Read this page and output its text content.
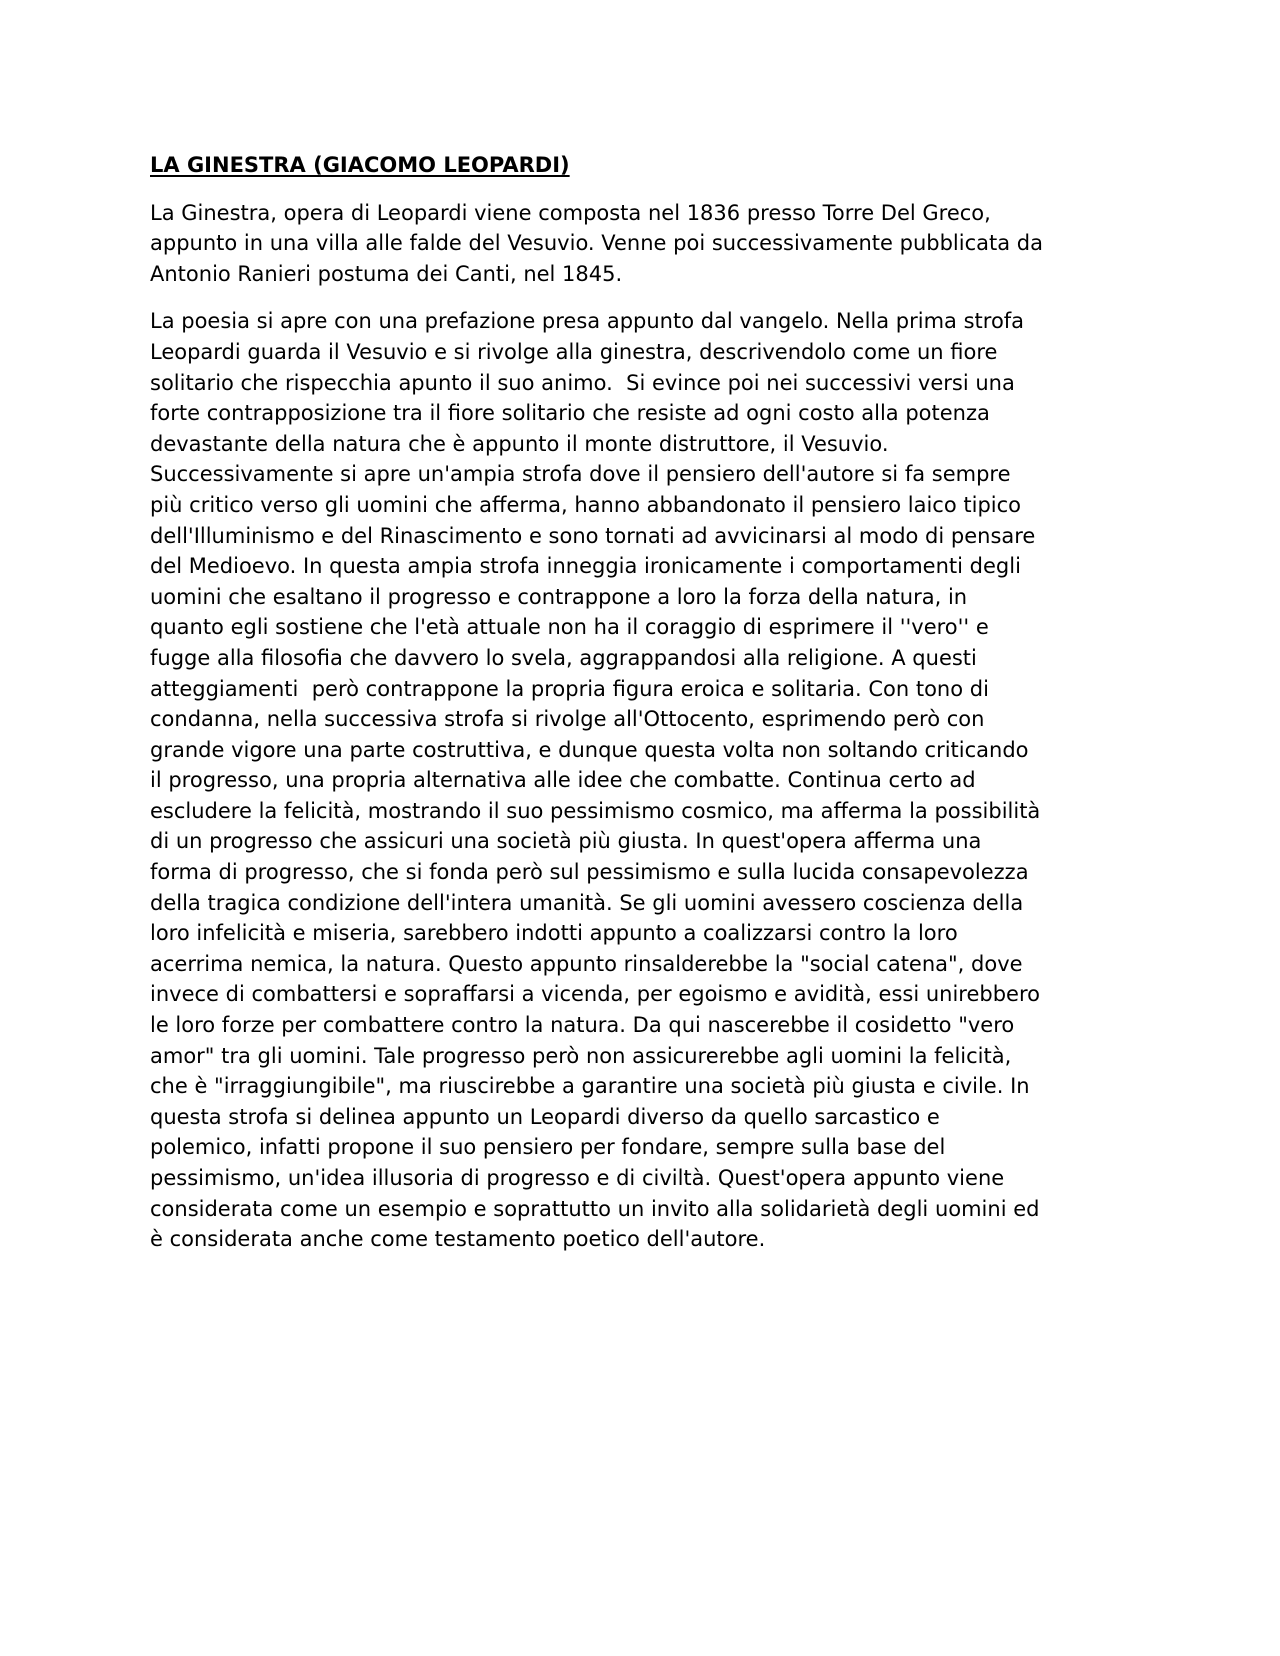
LA GINESTRA (GIACOMO LEOPARDI)
La Ginestra, opera di Leopardi viene composta nel 1836 presso Torre Del Greco,
appunto in una villa alle falde del Vesuvio. Venne poi successivamente pubblicata da
Antonio Ranieri postuma dei Canti, nel 1845.
La poesia si apre con una prefazione presa appunto dal vangelo. Nella prima strofa
Leopardi guarda il Vesuvio e si rivolge alla ginestra, descrivendolo come un fiore
solitario che rispecchia apunto il suo animo.  Si evince poi nei successivi versi una
forte contrapposizione tra il fiore solitario che resiste ad ogni costo alla potenza
devastante della natura che è appunto il monte distruttore, il Vesuvio.
Successivamente si apre un'ampia strofa dove il pensiero dell'autore si fa sempre
più critico verso gli uomini che afferma, hanno abbandonato il pensiero laico tipico
dell'Illuminismo e del Rinascimento e sono tornati ad avvicinarsi al modo di pensare
del Medioevo. In questa ampia strofa inneggia ironicamente i comportamenti degli
uomini che esaltano il progresso e contrappone a loro la forza della natura, in
quanto egli sostiene che l'età attuale non ha il coraggio di esprimere il ''vero'' e
fugge alla filosofia che davvero lo svela, aggrappandosi alla religione. A questi
atteggiamenti  però contrappone la propria figura eroica e solitaria. Con tono di
condanna, nella successiva strofa si rivolge all'Ottocento, esprimendo però con
grande vigore una parte costruttiva, e dunque questa volta non soltando criticando
il progresso, una propria alternativa alle idee che combatte. Continua certo ad
escludere la felicità, mostrando il suo pessimismo cosmico, ma afferma la possibilità
di un progresso che assicuri una società più giusta. In quest'opera afferma una
forma di progresso, che si fonda però sul pessimismo e sulla lucida consapevolezza
della tragica condizione dell'intera umanità. Se gli uomini avessero coscienza della
loro infelicità e miseria, sarebbero indotti appunto a coalizzarsi contro la loro
acerrima nemica, la natura. Questo appunto rinsalderebbe la "social catena", dove
invece di combattersi e sopraffarsi a vicenda, per egoismo e avidità, essi unirebbero
le loro forze per combattere contro la natura. Da qui nascerebbe il cosidetto "vero
amor" tra gli uomini. Tale progresso però non assicurerebbe agli uomini la felicità,
che è "irraggiungibile", ma riuscirebbe a garantire una società più giusta e civile. In
questa strofa si delinea appunto un Leopardi diverso da quello sarcastico e
polemico, infatti propone il suo pensiero per fondare, sempre sulla base del
pessimismo, un'idea illusoria di progresso e di civiltà. Quest'opera appunto viene
considerata come un esempio e soprattutto un invito alla solidarietà degli uomini ed
è considerata anche come testamento poetico dell'autore.
